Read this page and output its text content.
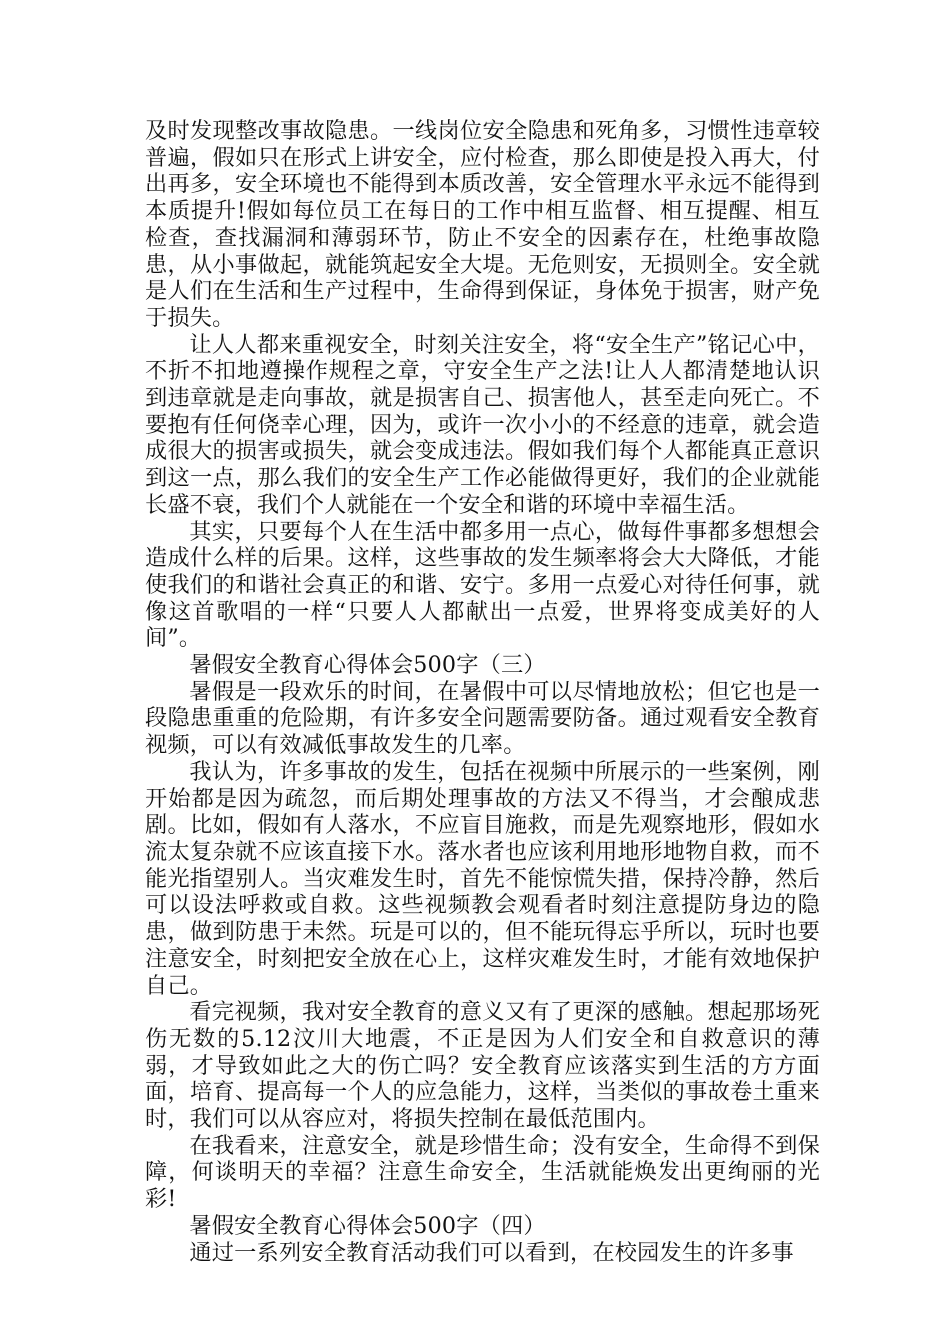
及时发现整改事故隐患。一线岗位安全隐患和死角多，习惯性违章较普遍，假如只在形式上讲安全，应付检查，那么即使是投入再大，付出再多，安全环境也不能得到本质改善，安全管理水平永远不能得到本质提升!假如每位员工在每日的工作中相互监督、相互提醒、相互检查，查找漏洞和薄弱环节，防止不安全的因素存在，杜绝事故隐患，从小事做起，就能筑起安全大堤。无危则安，无损则全。安全就是人们在生活和生产过程中，生命得到保证，身体免于损害，财产免于损失。

让人人都来重视安全，时刻关注安全，将“安全生产”铭记心中，不折不扣地遵操作规程之章，守安全生产之法!让人人都清楚地认识到违章就是走向事故，就是损害自己、损害他人，甚至走向死亡。不要抱有任何侥幸心理，因为，或许一次小小的不经意的违章，就会造成很大的损害或损失，就会变成违法。假如我们每个人都能真正意识到这一点，那么我们的安全生产工作必能做得更好，我们的企业就能长盛不衰，我们个人就能在一个安全和谐的环境中幸福生活。

其实，只要每个人在生活中都多用一点心，做每件事都多想想会造成什么样的后果。这样，这些事故的发生频率将会大大降低，才能使我们的和谐社会真正的和谐、安宁。多用一点爱心对待任何事，就像这首歌唱的一样“只要人人都献出一点爱，世界将变成美好的人间”。

暑假安全教育心得体会500字（三）

暑假是一段欢乐的时间，在暑假中可以尽情地放松；但它也是一段隐患重重的危险期，有许多安全问题需要防备。通过观看安全教育视频，可以有效减低事故发生的几率。

我认为，许多事故的发生，包括在视频中所展示的一些案例，刚开始都是因为疏忽，而后期处理事故的方法又不得当，才会酿成悲剧。比如，假如有人落水，不应盲目施救，而是先观察地形，假如水流太复杂就不应该直接下水。落水者也应该利用地形地物自救，而不能光指望别人。当灾难发生时，首先不能惊慌失措，保持冷静，然后可以设法呼救或自救。这些视频教会观看者时刻注意提防身边的隐患，做到防患于未然。玩是可以的，但不能玩得忘乎所以，玩时也要注意安全，时刻把安全放在心上，这样灾难发生时，才能有效地保护自己。

看完视频，我对安全教育的意义又有了更深的感触。想起那场死伤无数的5.12汶川大地震，不正是因为人们安全和自救意识的薄弱，才导致如此之大的伤亡吗？安全教育应该落实到生活的方方面面，培育、提高每一个人的应急能力，这样，当类似的事故卷土重来时，我们可以从容应对，将损失控制在最低范围内。

在我看来，注意安全，就是珍惜生命；没有安全，生命得不到保障，何谈明天的幸福？注意生命安全，生活就能焕发出更绚丽的光彩!

暑假安全教育心得体会500字（四）

通过一系列安全教育活动我们可以看到，在校园发生的许多事
